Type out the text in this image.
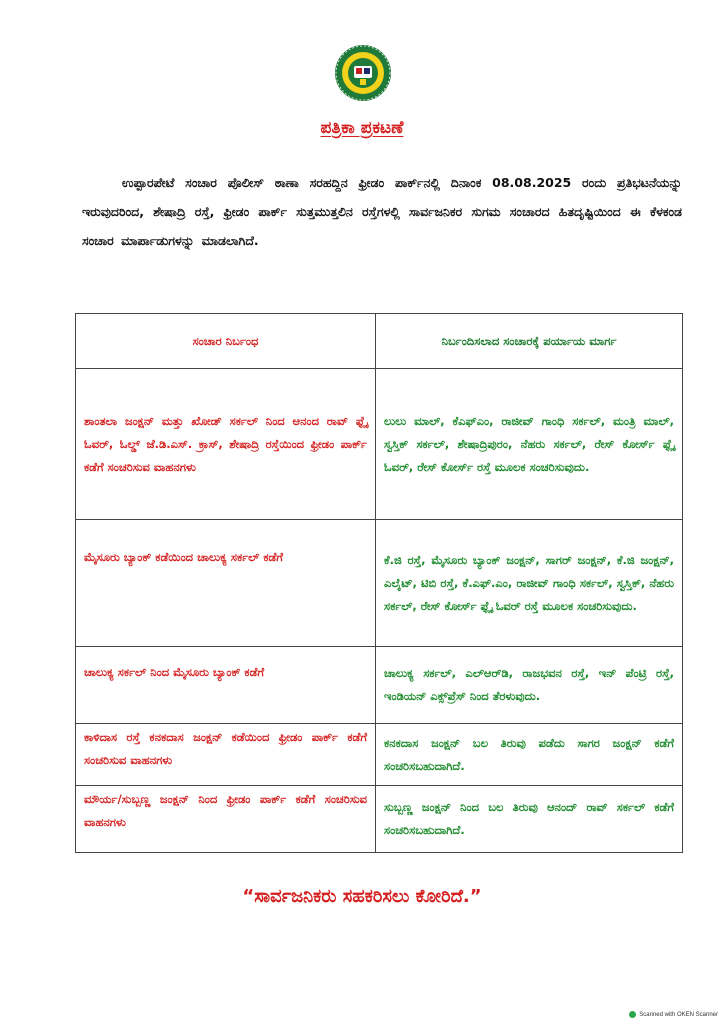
ಪತ್ರಿಕಾ ಪ್ರಕಟಣೆ

ಉಪ್ಪಾರಪೇಟೆ ಸಂಚಾರ ಪೊಲೀಸ್ ಠಾಣಾ ಸರಹದ್ದಿನ ಫ್ರೀಡಂ ಪಾರ್ಕ್‌ನಲ್ಲಿ ದಿನಾಂಕ 08.08.2025 ರಂದು ಪ್ರತಿಭಟನೆಯನ್ನು ಇರುವುದರಿಂದ, ಶೇಷಾದ್ರಿ ರಸ್ತೆ, ಫ್ರೀಡಂ ಪಾರ್ಕ್ ಸುತ್ತಮುತ್ತಲಿನ ರಸ್ತೆಗಳಲ್ಲಿ ಸಾರ್ವಜನಿಕರ ಸುಗಮ ಸಂಚಾರದ ಹಿತದೃಷ್ಟಿಯಿಂದ ಈ ಕೆಳಕಂಡ ಸಂಚಾರ ಮಾರ್ಪಾಡುಗಳನ್ನು ಮಾಡಲಾಗಿದೆ.

ಸಂಚಾರ ನಿರ್ಬಂಧ	ನಿರ್ಬಂದಿಸಲಾದ ಸಂಚಾರಕ್ಕೆ ಪರ್ಯಾಯ ಮಾರ್ಗ
ಶಾಂತಲಾ ಜಂಕ್ಷನ್ ಮತ್ತು ಖೋಡ್ ಸರ್ಕಲ್ ನಿಂದ ಆನಂದ ರಾವ್ ಫ್ಲೈ ಓವರ್, ಓಲ್ಡ್ ಜೆ.ಡಿ.ಎಸ್. ಕ್ರಾಸ್, ಶೇಷಾದ್ರಿ ರಸ್ತೆಯಿಂದ ಫ್ರೀಡಂ ಪಾರ್ಕ್ ಕಡೆಗೆ ಸಂಚರಿಸುವ ವಾಹನಗಳು	ಲುಲು ಮಾಲ್, ಕೆಎಫ್‌ಎಂ, ರಾಜೀವ್ ಗಾಂಧಿ ಸರ್ಕಲ್, ಮಂತ್ರಿ ಮಾಲ್, ಸ್ವಸ್ತಿಕ್ ಸರ್ಕಲ್, ಶೇಷಾದ್ರಿಪುರಂ, ನೆಹರು ಸರ್ಕಲ್, ರೇಸ್ ಕೋರ್ಸ್ ಫ್ಲೈ ಓವರ್, ರೇಸ್ ಕೋರ್ಸ್ ರಸ್ತೆ ಮೂಲಕ ಸಂಚರಿಸುವುದು.
ಮೈಸೂರು ಬ್ಯಾಂಕ್ ಕಡೆಯಿಂದ ಚಾಲುಕ್ಯ ಸರ್ಕಲ್ ಕಡೆಗೆ	ಕೆ.ಜಿ ರಸ್ತೆ, ಮೈಸೂರು ಬ್ಯಾಂಕ್ ಜಂಕ್ಷನ್, ಸಾಗರ್ ಜಂಕ್ಷನ್, ಕೆ.ಜಿ ಜಂಕ್ಷನ್, ಎಲೈಟ್, ಟಿಬಿ ರಸ್ತೆ, ಕೆ.ಎಫ್.ಎಂ, ರಾಜೀವ್ ಗಾಂಧಿ ಸರ್ಕಲ್, ಸ್ವಸ್ತಿಕ್, ನೆಹರು ಸರ್ಕಲ್, ರೇಸ್ ಕೋರ್ಸ್ ಫ್ಲೈ ಓವರ್ ರಸ್ತೆ ಮೂಲಕ ಸಂಚರಿಸುವುದು.
ಚಾಲುಕ್ಯ ಸರ್ಕಲ್ ನಿಂದ ಮೈಸೂರು ಬ್ಯಾಂಕ್ ಕಡೆಗೆ	ಚಾಲುಕ್ಯ ಸರ್ಕಲ್, ಎಲ್‌ಆರ್‌ಡಿ, ರಾಜಭವನ ರಸ್ತೆ, ಇನ್ ಪೆಂಟ್ರಿ ರಸ್ತೆ, ಇಂಡಿಯನ್ ಎಕ್ಸ್‌ಪ್ರೆಸ್ ನಿಂದ ತೆರಳುವುದು.
ಕಾಳಿದಾಸ ರಸ್ತೆ ಕನಕದಾಸ ಜಂಕ್ಷನ್ ಕಡೆಯಿಂದ ಫ್ರೀಡಂ ಪಾರ್ಕ್ ಕಡೆಗೆ ಸಂಚರಿಸುವ ವಾಹನಗಳು	ಕನಕದಾಸ ಜಂಕ್ಷನ್ ಬಲ ತಿರುವು ಪಡೆದು ಸಾಗರ ಜಂಕ್ಷನ್ ಕಡೆಗೆ ಸಂಚರಿಸಬಹುದಾಗಿದೆ.
ಮೌರ್ಯ/ಸುಬ್ಬಣ್ಣ ಜಂಕ್ಷನ್ ನಿಂದ ಫ್ರೀಡಂ ಪಾರ್ಕ್ ಕಡೆಗೆ ಸಂಚರಿಸುವ ವಾಹನಗಳು	ಸುಬ್ಬಣ್ಣ ಜಂಕ್ಷನ್ ನಿಂದ ಬಲ ತಿರುವು ಆನಂದ್ ರಾವ್ ಸರ್ಕಲ್ ಕಡೆಗೆ ಸಂಚರಿಸಬಹುದಾಗಿದೆ.
“ಸಾರ್ವಜನಿಕರು ಸಹಕರಿಸಲು ಕೋರಿದೆ.”
Scanned with OKEN Scanner
